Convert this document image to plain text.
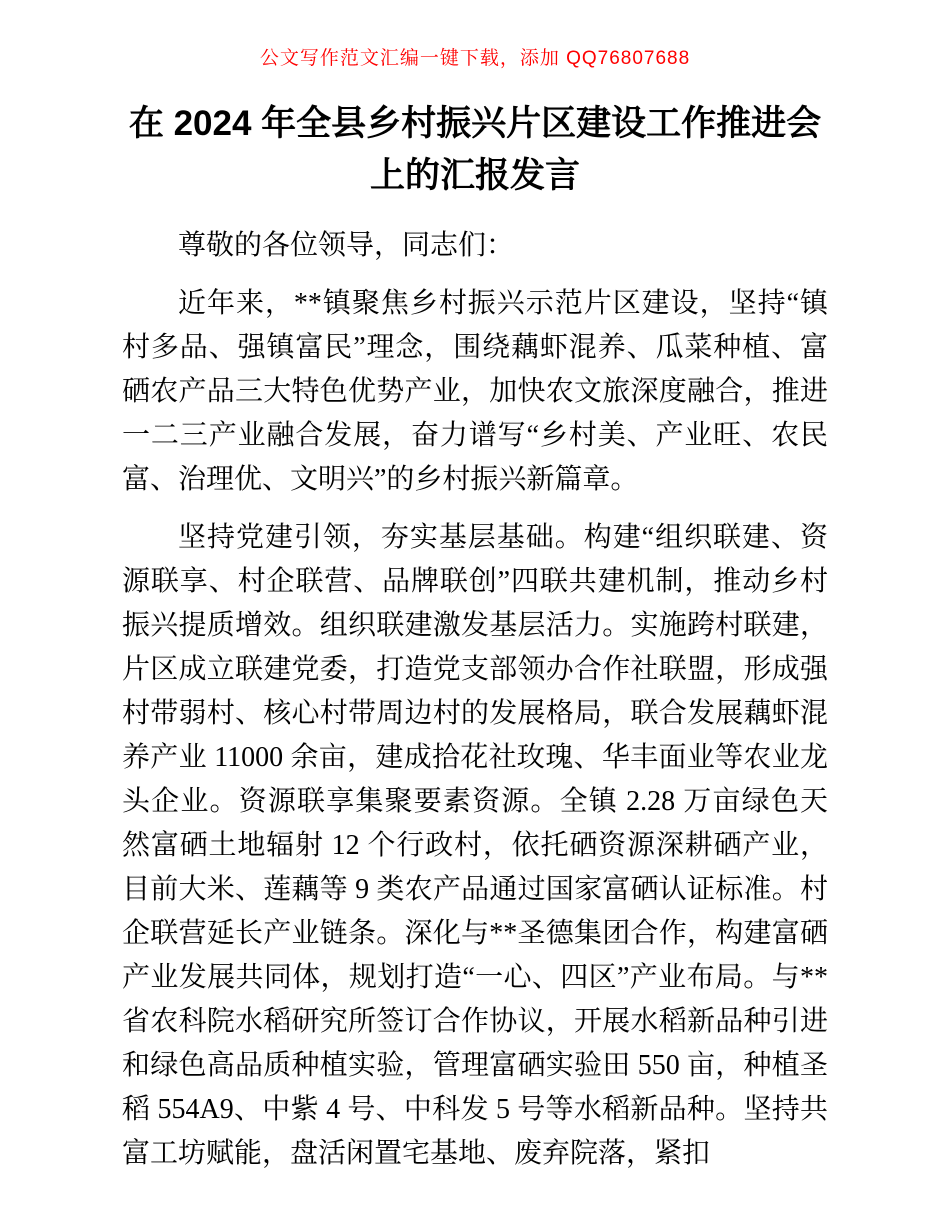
公文写作范文汇编一键下载，添加 QQ76807688
在 2024 年全县乡村振兴片区建设工作推进会上的汇报发言

尊敬的各位领导，同志们：

近年来，**镇聚焦乡村振兴示范片区建设，坚持“镇村多品、强镇富民”理念，围绕藕虾混养、瓜菜种植、富硒农产品三大特色优势产业，加快农文旅深度融合，推进一二三产业融合发展，奋力谱写“乡村美、产业旺、农民富、治理优、文明兴”的乡村振兴新篇章。

坚持党建引领，夯实基层基础。构建“组织联建、资源联享、村企联营、品牌联创”四联共建机制，推动乡村振兴提质增效。组织联建激发基层活力。实施跨村联建，片区成立联建党委，打造党支部领办合作社联盟，形成强村带弱村、核心村带周边村的发展格局，联合发展藕虾混养产业 11000 余亩，建成拾花社玫瑰、华丰面业等农业龙头企业。资源联享集聚要素资源。全镇 2.28 万亩绿色天然富硒土地辐射 12 个行政村，依托硒资源深耕硒产业，目前大米、莲藕等 9 类农产品通过国家富硒认证标准。村企联营延长产业链条。深化与**圣德集团合作，构建富硒产业发展共同体，规划打造“一心、四区”产业布局。与**省农科院水稻研究所签订合作协议，开展水稻新品种引进和绿色高品质种植实验，管理富硒实验田 550 亩，种植圣稻 554A9、中紫 4 号、中科发 5 号等水稻新品种。坚持共富工坊赋能，盘活闲置宅基地、废弃院落，紧扣
